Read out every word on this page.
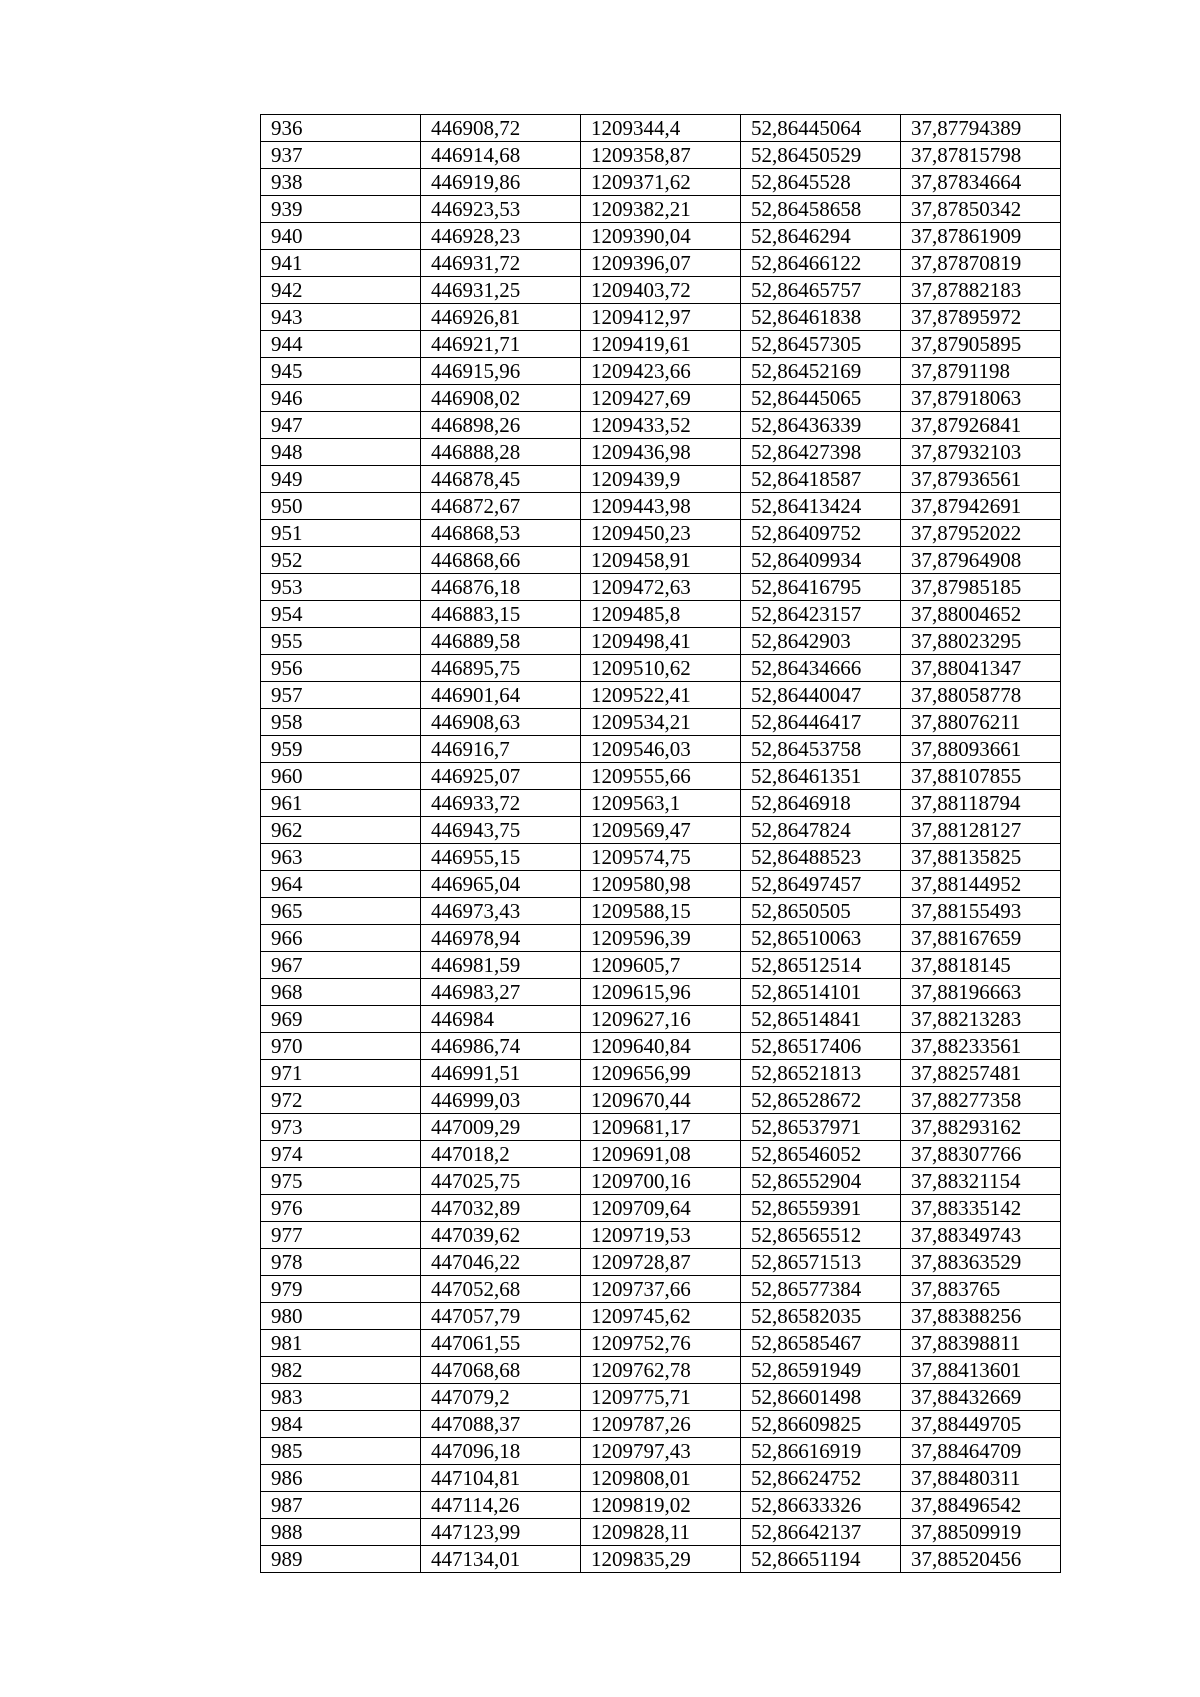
936	446908,72	1209344,4	52,86445064	37,87794389
937	446914,68	1209358,87	52,86450529	37,87815798
938	446919,86	1209371,62	52,8645528	37,87834664
939	446923,53	1209382,21	52,86458658	37,87850342
940	446928,23	1209390,04	52,8646294	37,87861909
941	446931,72	1209396,07	52,86466122	37,87870819
942	446931,25	1209403,72	52,86465757	37,87882183
943	446926,81	1209412,97	52,86461838	37,87895972
944	446921,71	1209419,61	52,86457305	37,87905895
945	446915,96	1209423,66	52,86452169	37,8791198
946	446908,02	1209427,69	52,86445065	37,87918063
947	446898,26	1209433,52	52,86436339	37,87926841
948	446888,28	1209436,98	52,86427398	37,87932103
949	446878,45	1209439,9	52,86418587	37,87936561
950	446872,67	1209443,98	52,86413424	37,87942691
951	446868,53	1209450,23	52,86409752	37,87952022
952	446868,66	1209458,91	52,86409934	37,87964908
953	446876,18	1209472,63	52,86416795	37,87985185
954	446883,15	1209485,8	52,86423157	37,88004652
955	446889,58	1209498,41	52,8642903	37,88023295
956	446895,75	1209510,62	52,86434666	37,88041347
957	446901,64	1209522,41	52,86440047	37,88058778
958	446908,63	1209534,21	52,86446417	37,88076211
959	446916,7	1209546,03	52,86453758	37,88093661
960	446925,07	1209555,66	52,86461351	37,88107855
961	446933,72	1209563,1	52,8646918	37,88118794
962	446943,75	1209569,47	52,8647824	37,88128127
963	446955,15	1209574,75	52,86488523	37,88135825
964	446965,04	1209580,98	52,86497457	37,88144952
965	446973,43	1209588,15	52,8650505	37,88155493
966	446978,94	1209596,39	52,86510063	37,88167659
967	446981,59	1209605,7	52,86512514	37,8818145
968	446983,27	1209615,96	52,86514101	37,88196663
969	446984	1209627,16	52,86514841	37,88213283
970	446986,74	1209640,84	52,86517406	37,88233561
971	446991,51	1209656,99	52,86521813	37,88257481
972	446999,03	1209670,44	52,86528672	37,88277358
973	447009,29	1209681,17	52,86537971	37,88293162
974	447018,2	1209691,08	52,86546052	37,88307766
975	447025,75	1209700,16	52,86552904	37,88321154
976	447032,89	1209709,64	52,86559391	37,88335142
977	447039,62	1209719,53	52,86565512	37,88349743
978	447046,22	1209728,87	52,86571513	37,88363529
979	447052,68	1209737,66	52,86577384	37,883765
980	447057,79	1209745,62	52,86582035	37,88388256
981	447061,55	1209752,76	52,86585467	37,88398811
982	447068,68	1209762,78	52,86591949	37,88413601
983	447079,2	1209775,71	52,86601498	37,88432669
984	447088,37	1209787,26	52,86609825	37,88449705
985	447096,18	1209797,43	52,86616919	37,88464709
986	447104,81	1209808,01	52,86624752	37,88480311
987	447114,26	1209819,02	52,86633326	37,88496542
988	447123,99	1209828,11	52,86642137	37,88509919
989	447134,01	1209835,29	52,86651194	37,88520456
